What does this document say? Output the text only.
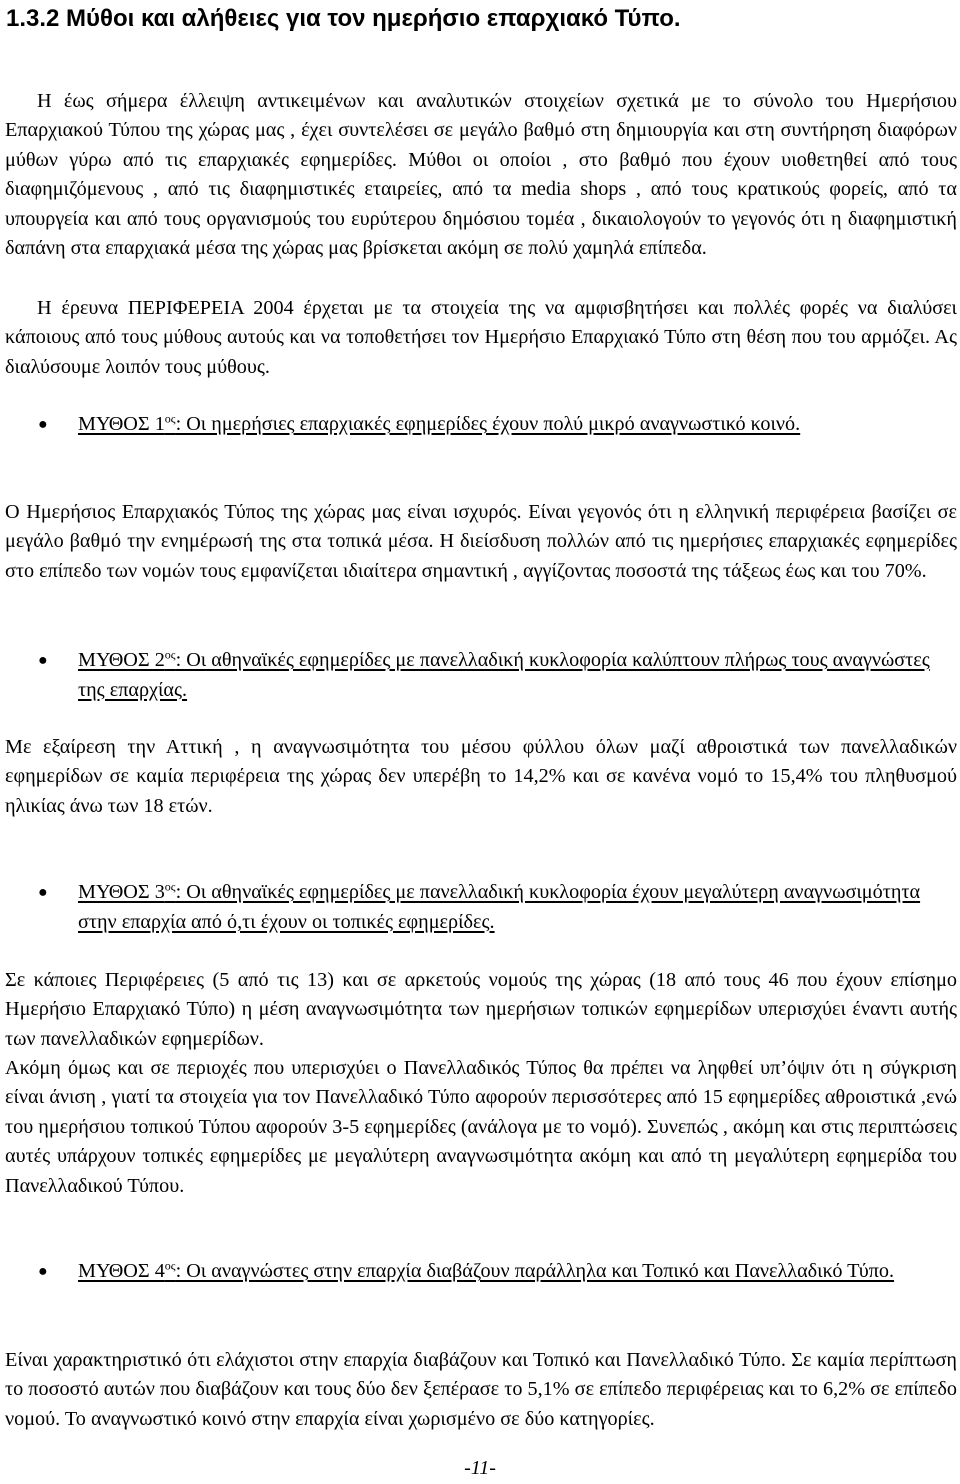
1.3.2 Μύθοι και αλήθειες για τον ημερήσιο επαρχιακό Τύπο.

Η έως σήμερα έλλειψη αντικειμένων και αναλυτικών στοιχείων σχετικά με το σύνολο του Ημερήσιου Επαρχιακού Τύπου της χώρας μας , έχει συντελέσει σε μεγάλο βαθμό στη δημιουργία και στη συντήρηση διαφόρων μύθων γύρω από τις επαρχιακές εφημερίδες. Μύθοι οι οποίοι , στο βαθμό που έχουν υιοθετηθεί από τους διαφημιζόμενους , από τις διαφημιστικές εταιρείες, από τα media shops , από τους κρατικούς φορείς, από τα υπουργεία και από τους οργανισμούς του ευρύτερου δημόσιου τομέα , δικαιολογούν το γεγονός ότι η διαφημιστική δαπάνη στα επαρχιακά μέσα της χώρας μας βρίσκεται ακόμη σε πολύ χαμηλά επίπεδα.

Η έρευνα ΠΕΡΙΦΕΡΕΙΑ 2004 έρχεται με τα στοιχεία της να αμφισβητήσει και πολλές φορές να διαλύσει κάποιους από τους μύθους αυτούς και να τοποθετήσει τον Ημερήσιο Επαρχιακό Τύπο στη θέση που του αρμόζει. Ας διαλύσουμε λοιπόν τους μύθους.

● ΜΥΘΟΣ $1^{o\varsigma}$: Οι ημερήσιες επαρχιακές εφημερίδες έχουν πολύ μικρό αναγνωστικό κοινό.

Ο Ημερήσιος Επαρχιακός Τύπος της χώρας μας είναι ισχυρός. Είναι γεγονός ότι η ελληνική περιφέρεια βασίζει σε μεγάλο βαθμό την ενημέρωσή της στα τοπικά μέσα. Η διείσδυση πολλών από τις ημερήσιες επαρχιακές εφημερίδες στο επίπεδο των νομών τους εμφανίζεται ιδιαίτερα σημαντική , αγγίζοντας ποσοστά της τάξεως έως και του 70%.

● ΜΥΘΟΣ $2^{o\varsigma}$: Οι αθηναϊκές εφημερίδες με πανελλαδική κυκλοφορία καλύπτουν πλήρως τους αναγνώστες της επαρχίας.

Με εξαίρεση την Αττική , η αναγνωσιμότητα του μέσου φύλλου όλων μαζί αθροιστικά των πανελλαδικών εφημερίδων σε καμία περιφέρεια της χώρας δεν υπερέβη το 14,2% και σε κανένα νομό το 15,4% του πληθυσμού ηλικίας άνω των 18 ετών.

● ΜΥΘΟΣ $3^{o\varsigma}$: Οι αθηναϊκές εφημερίδες με πανελλαδική κυκλοφορία έχουν μεγαλύτερη αναγνωσιμότητα στην επαρχία από ό,τι έχουν οι τοπικές εφημερίδες.

Σε κάποιες Περιφέρειες (5 από τις 13) και σε αρκετούς νομούς της χώρας (18 από τους 46 που έχουν επίσημο Ημερήσιο Επαρχιακό Τύπο) η μέση αναγνωσιμότητα των ημερήσιων τοπικών εφημερίδων υπερισχύει έναντι αυτής των πανελλαδικών εφημερίδων.

Ακόμη όμως και σε περιοχές που υπερισχύει ο Πανελλαδικός Τύπος θα πρέπει να ληφθεί υπ’όψιν ότι η σύγκριση είναι άνιση , γιατί τα στοιχεία για τον Πανελλαδικό Τύπο αφορούν περισσότερες από 15 εφημερίδες αθροιστικά ,ενώ του ημερήσιου τοπικού Τύπου αφορούν 3-5 εφημερίδες (ανάλογα με το νομό). Συνεπώς , ακόμη και στις περιπτώσεις αυτές υπάρχουν τοπικές εφημερίδες με μεγαλύτερη αναγνωσιμότητα ακόμη και από τη μεγαλύτερη εφημερίδα του Πανελλαδικού Τύπου.

● ΜΥΘΟΣ $4^{o\varsigma}$: Οι αναγνώστες στην επαρχία διαβάζουν παράλληλα και Τοπικό και Πανελλαδικό Τύπο.

Είναι χαρακτηριστικό ότι ελάχιστοι στην επαρχία διαβάζουν και Τοπικό και Πανελλαδικό Τύπο. Σε καμία περίπτωση το ποσοστό αυτών που διαβάζουν και τους δύο δεν ξεπέρασε το 5,1% σε επίπεδο περιφέρειας και το 6,2% σε επίπεδο νομού. Το αναγνωστικό κοινό στην επαρχία είναι χωρισμένο σε δύο κατηγορίες.

-11-
